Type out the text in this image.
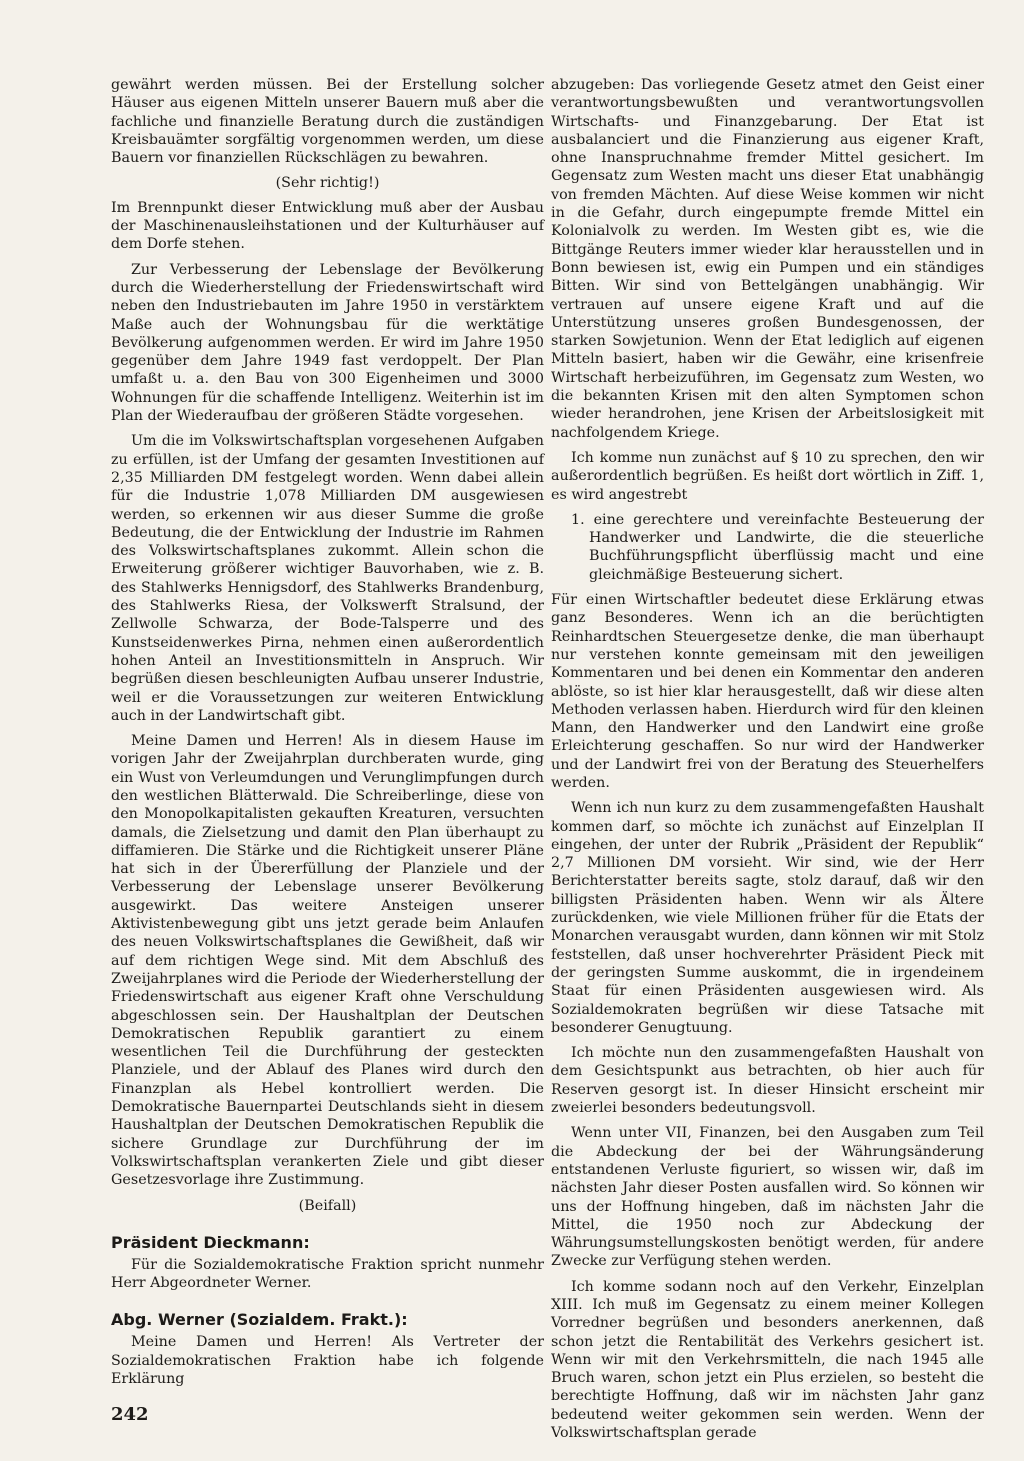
gewährt werden müssen. Bei der Erstellung solcher Häuser aus eigenen Mitteln unserer Bauern muß aber die fachliche und finanzielle Beratung durch die zuständigen Kreisbauämter sorgfältig vorgenommen werden, um diese Bauern vor finanziellen Rückschlägen zu bewahren.

(Sehr richtig!)

Im Brennpunkt dieser Entwicklung muß aber der Ausbau der Maschinenausleihstationen und der Kulturhäuser auf dem Dorfe stehen.

Zur Verbesserung der Lebenslage der Bevölkerung durch die Wiederherstellung der Friedenswirtschaft wird neben den Industriebauten im Jahre 1950 in verstärktem Maße auch der Wohnungsbau für die werktätige Bevölkerung aufgenommen werden. Er wird im Jahre 1950 gegenüber dem Jahre 1949 fast verdoppelt. Der Plan umfaßt u. a. den Bau von 300 Eigenheimen und 3000 Wohnungen für die schaffende Intelligenz. Weiterhin ist im Plan der Wiederaufbau der größeren Städte vorgesehen.

Um die im Volkswirtschaftsplan vorgesehenen Aufgaben zu erfüllen, ist der Umfang der gesamten Investitionen auf 2,35 Milliarden DM festgelegt worden. Wenn dabei allein für die Industrie 1,078 Milliarden DM ausgewiesen werden, so erkennen wir aus dieser Summe die große Bedeutung, die der Entwicklung der Industrie im Rahmen des Volkswirtschaftsplanes zukommt. Allein schon die Erweiterung größerer wichtiger Bauvorhaben, wie z. B. des Stahlwerks Hennigsdorf, des Stahlwerks Brandenburg, des Stahlwerks Riesa, der Volkswerft Stralsund, der Zellwolle Schwarza, der Bode-Talsperre und des Kunstseidenwerkes Pirna, nehmen einen außerordentlich hohen Anteil an Investitionsmitteln in Anspruch. Wir begrüßen diesen beschleunigten Aufbau unserer Industrie, weil er die Voraussetzungen zur weiteren Entwicklung auch in der Landwirtschaft gibt.

Meine Damen und Herren! Als in diesem Hause im vorigen Jahr der Zweijahrplan durchberaten wurde, ging ein Wust von Verleumdungen und Verunglimpfungen durch den westlichen Blätterwald. Die Schreiberlinge, diese von den Monopolkapitalisten gekauften Kreaturen, versuchten damals, die Zielsetzung und damit den Plan überhaupt zu diffamieren. Die Stärke und die Richtigkeit unserer Pläne hat sich in der Übererfüllung der Planziele und der Verbesserung der Lebenslage unserer Bevölkerung ausgewirkt. Das weitere Ansteigen unserer Aktivistenbewegung gibt uns jetzt gerade beim Anlaufen des neuen Volkswirtschaftsplanes die Gewißheit, daß wir auf dem richtigen Wege sind. Mit dem Abschluß des Zweijahrplanes wird die Periode der Wiederherstellung der Friedenswirtschaft aus eigener Kraft ohne Verschuldung abgeschlossen sein. Der Haushaltplan der Deutschen Demokratischen Republik garantiert zu einem wesentlichen Teil die Durchführung der gesteckten Planziele, und der Ablauf des Planes wird durch den Finanzplan als Hebel kontrolliert werden. Die Demokratische Bauernpartei Deutschlands sieht in diesem Haushaltplan der Deutschen Demokratischen Republik die sichere Grundlage zur Durchführung der im Volkswirtschaftsplan verankerten Ziele und gibt dieser Gesetzesvorlage ihre Zustimmung.

(Beifall)

Präsident Dieckmann:

Für die Sozialdemokratische Fraktion spricht nunmehr Herr Abgeordneter Werner.

Abg. Werner (Sozialdem. Frakt.):

Meine Damen und Herren! Als Vertreter der Sozialdemokratischen Fraktion habe ich folgende Erklärung

abzugeben: Das vorliegende Gesetz atmet den Geist einer verantwortungsbewußten und verantwortungsvollen Wirtschafts- und Finanzgebarung. Der Etat ist ausbalanciert und die Finanzierung aus eigener Kraft, ohne Inanspruchnahme fremder Mittel gesichert. Im Gegensatz zum Westen macht uns dieser Etat unabhängig von fremden Mächten. Auf diese Weise kommen wir nicht in die Gefahr, durch eingepumpte fremde Mittel ein Kolonialvolk zu werden. Im Westen gibt es, wie die Bittgänge Reuters immer wieder klar herausstellen und in Bonn bewiesen ist, ewig ein Pumpen und ein ständiges Bitten. Wir sind von Bettelgängen unabhängig. Wir vertrauen auf unsere eigene Kraft und auf die Unterstützung unseres großen Bundesgenossen, der starken Sowjetunion. Wenn der Etat lediglich auf eigenen Mitteln basiert, haben wir die Gewähr, eine krisenfreie Wirtschaft herbeizuführen, im Gegensatz zum Westen, wo die bekannten Krisen mit den alten Symptomen schon wieder herandrohen, jene Krisen der Arbeitslosigkeit mit nachfolgendem Kriege.

Ich komme nun zunächst auf § 10 zu sprechen, den wir außerordentlich begrüßen. Es heißt dort wörtlich in Ziff. 1, es wird angestrebt

1. eine gerechtere und vereinfachte Besteuerung der Handwerker und Landwirte, die die steuerliche Buchführungspflicht überflüssig macht und eine gleichmäßige Besteuerung sichert.

Für einen Wirtschaftler bedeutet diese Erklärung etwas ganz Besonderes. Wenn ich an die berüchtigten Reinhardtschen Steuergesetze denke, die man überhaupt nur verstehen konnte gemeinsam mit den jeweiligen Kommentaren und bei denen ein Kommentar den anderen ablöste, so ist hier klar herausgestellt, daß wir diese alten Methoden verlassen haben. Hierdurch wird für den kleinen Mann, den Handwerker und den Landwirt eine große Erleichterung geschaffen. So nur wird der Handwerker und der Landwirt frei von der Beratung des Steuerhelfers werden.

Wenn ich nun kurz zu dem zusammengefaßten Haushalt kommen darf, so möchte ich zunächst auf Einzelplan II eingehen, der unter der Rubrik „Präsident der Republik“ 2,7 Millionen DM vorsieht. Wir sind, wie der Herr Berichterstatter bereits sagte, stolz darauf, daß wir den billigsten Präsidenten haben. Wenn wir als Ältere zurückdenken, wie viele Millionen früher für die Etats der Monarchen verausgabt wurden, dann können wir mit Stolz feststellen, daß unser hochverehrter Präsident Pieck mit der geringsten Summe auskommt, die in irgendeinem Staat für einen Präsidenten ausgewiesen wird. Als Sozialdemokraten begrüßen wir diese Tatsache mit besonderer Genugtuung.

Ich möchte nun den zusammengefaßten Haushalt von dem Gesichtspunkt aus betrachten, ob hier auch für Reserven gesorgt ist. In dieser Hinsicht erscheint mir zweierlei besonders bedeutungsvoll.

Wenn unter VII, Finanzen, bei den Ausgaben zum Teil die Abdeckung der bei der Währungsänderung entstandenen Verluste figuriert, so wissen wir, daß im nächsten Jahr dieser Posten ausfallen wird. So können wir uns der Hoffnung hingeben, daß im nächsten Jahr die Mittel, die 1950 noch zur Abdeckung der Währungsumstellungskosten benötigt werden, für andere Zwecke zur Verfügung stehen werden.

Ich komme sodann noch auf den Verkehr, Einzelplan XIII. Ich muß im Gegensatz zu einem meiner Kollegen Vorredner begrüßen und besonders anerkennen, daß schon jetzt die Rentabilität des Verkehrs gesichert ist. Wenn wir mit den Verkehrsmitteln, die nach 1945 alle Bruch waren, schon jetzt ein Plus erzielen, so besteht die berechtigte Hoffnung, daß wir im nächsten Jahr ganz bedeutend weiter gekommen sein werden. Wenn der Volkswirtschaftsplan gerade

242
